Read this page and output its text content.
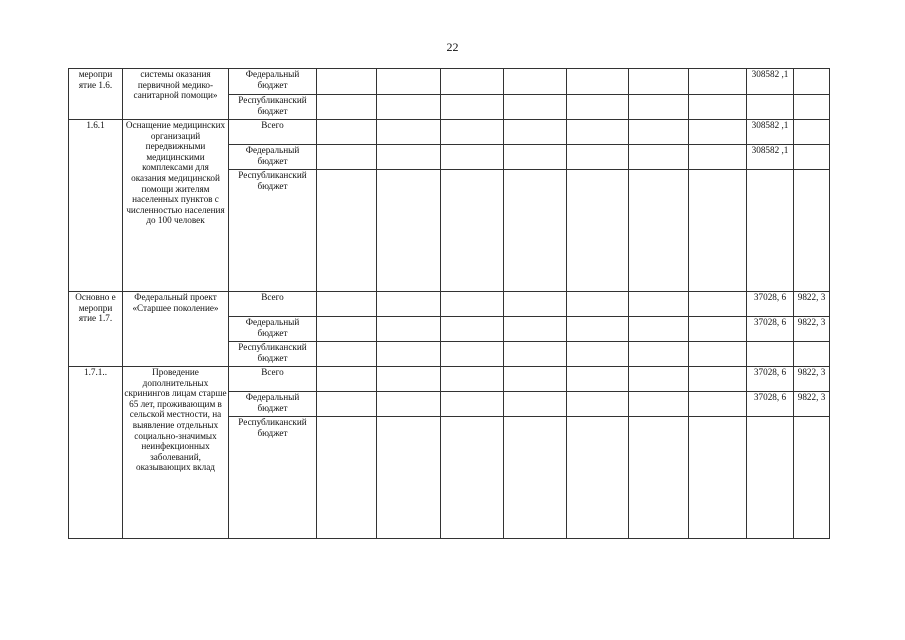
22
меропри ятие 1.6.	системы оказания первичной медико-санитарной помощи»	Федеральный бюджет								308582 ,1	
		Республиканский бюджет									
1.6.1	Оснащение медицинских организаций передвижными медицинскими комплексами для оказания медицинской помощи жителям населенных пунктов с численностью населения до 100 человек	Всего								308582 ,1	
		Федеральный бюджет								308582 ,1	
		Республиканский бюджет									
Основно е меропри ятие 1.7.	Федеральный проект «Старшее поколение»	Всего								37028, 6	9822, 3
		Федеральный бюджет								37028, 6	9822, 3
		Республиканский бюджет									
1.7.1..	Проведение дополнительных скринингов лицам старше 65 лет, проживающим в сельской местности, на выявление отдельных социально-значимых неинфекционных заболеваний, оказывающих вклад	Всего								37028, 6	9822, 3
		Федеральный бюджет								37028, 6	9822, 3
		Республиканский бюджет									
